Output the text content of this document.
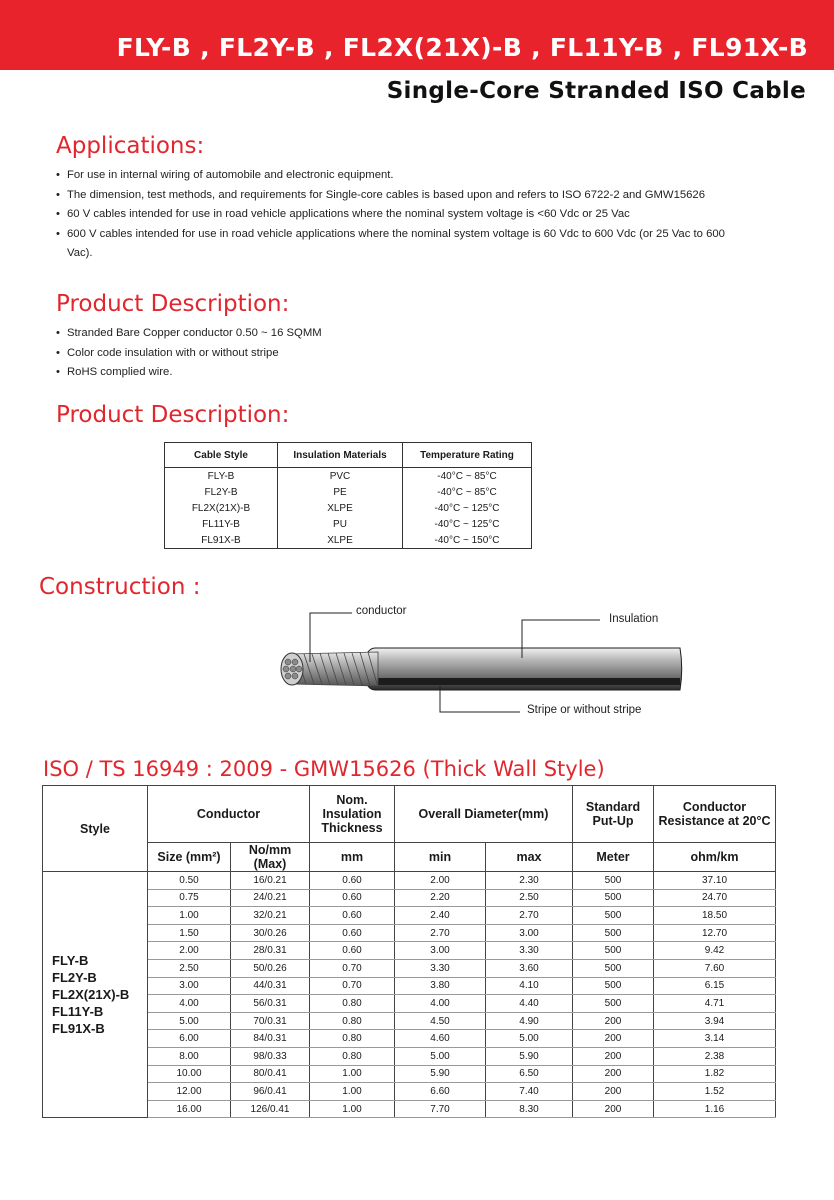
FLY-B , FL2Y-B , FL2X(21X)-B , FL11Y-B , FL91X-B
Single-Core Stranded ISO Cable
Applications:
• For use in internal wiring of automobile and electronic equipment.
• The dimension, test methods, and requirements for Single-core cables is based upon and refers to ISO 6722-2 and GMW15626
• 60 V cables intended for use in road vehicle applications where the nominal system voltage is <60 Vdc or 25 Vac
• 600 V cables intended for use in road vehicle applications where the nominal system voltage is 60 Vdc to 600 Vdc (or 25 Vac to 600 Vac).
Product Description:
• Stranded Bare Copper conductor 0.50 ~ 16 SQMM
• Color code insulation with or without stripe
• RoHS complied wire.
Product Description:
Cable Style	Insulation Materials	Temperature Rating
FLY-B	PVC	-40°C ~ 85°C
FL2Y-B	PE	-40°C ~ 85°C
FL2X(21X)-B	XLPE	-40°C ~ 125°C
FL11Y-B	PU	-40°C ~ 125°C
FL91X-B	XLPE	-40°C ~ 150°C
Construction :
conductor
Insulation
Stripe or without stripe
ISO / TS 16949 : 2009 - GMW15626 (Thick Wall Style)
Style	Conductor		Nom. Insulation Thickness	Overall Diameter(mm)		Standard Put-Up	Conductor Resistance at 20°C
	Size (mm²)	No/mm (Max)	mm	min	max	Meter	ohm/km

FLY-B
FL2Y-B
FL2X(21X)-B
FL11Y-B
FL91X-B	0.50	16/0.21	0.60	2.00	2.30	500	37.10
	0.75	24/0.21	0.60	2.20	2.50	500	24.70
	1.00	32/0.21	0.60	2.40	2.70	500	18.50
	1.50	30/0.26	0.60	2.70	3.00	500	12.70
	2.00	28/0.31	0.60	3.00	3.30	500	9.42
	2.50	50/0.26	0.70	3.30	3.60	500	7.60
	3.00	44/0.31	0.70	3.80	4.10	500	6.15
	4.00	56/0.31	0.80	4.00	4.40	500	4.71
	5.00	70/0.31	0.80	4.50	4.90	200	3.94
	6.00	84/0.31	0.80	4.60	5.00	200	3.14
	8.00	98/0.33	0.80	5.00	5.90	200	2.38
	10.00	80/0.41	1.00	5.90	6.50	200	1.82
	12.00	96/0.41	1.00	6.60	7.40	200	1.52
	16.00	126/0.41	1.00	7.70	8.30	200	1.16
